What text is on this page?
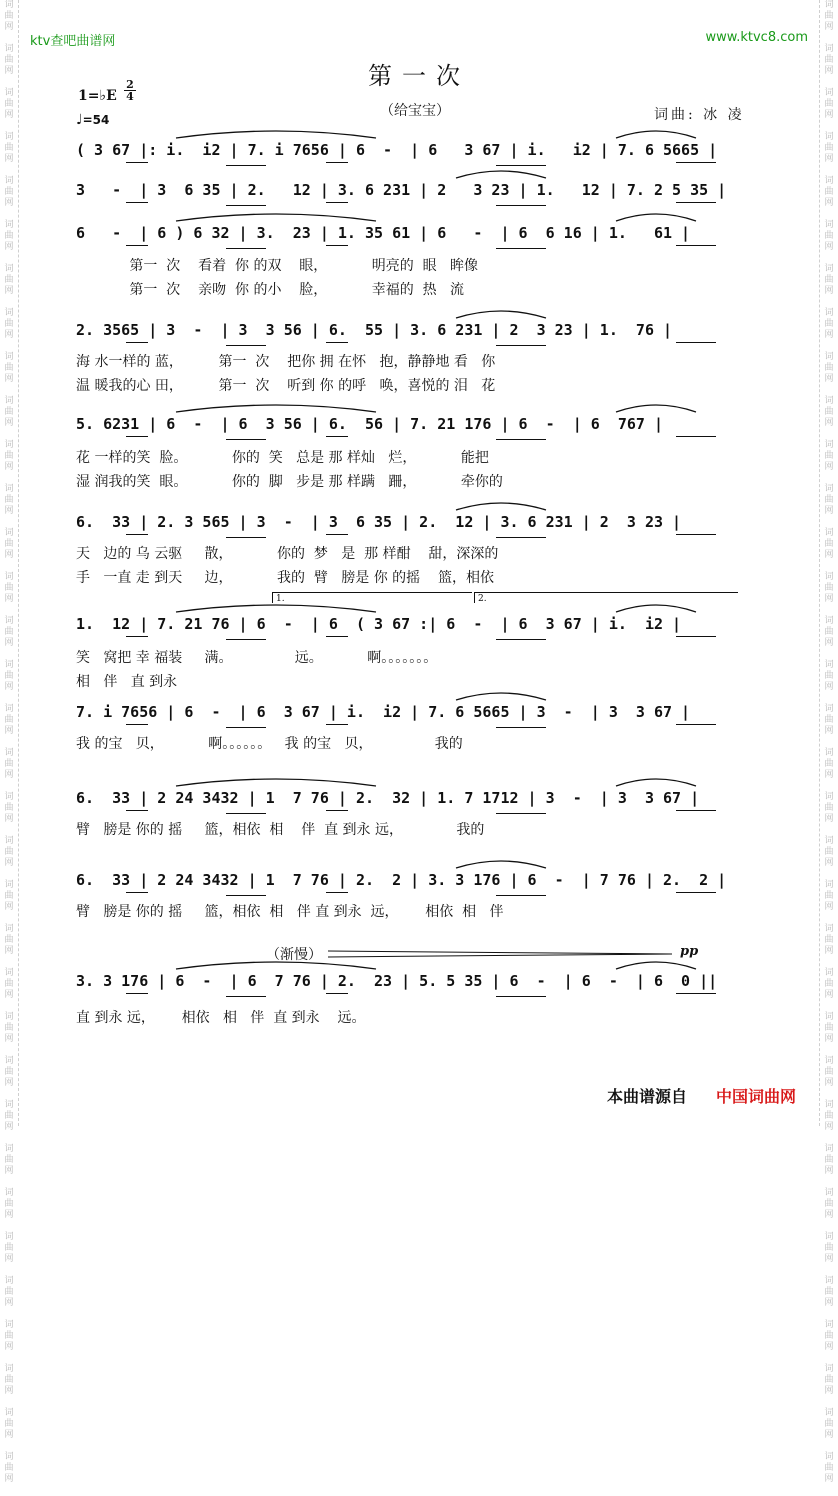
词
曲
网

词
曲
网

词
曲
网

词
曲
网

词
曲
网

词
曲
网

词
曲
网

词
曲
网

词
曲
网

词
曲
网

词
曲
网

词
曲
网

词
曲
网

词
曲
网

词
曲
网

词
曲
网

词
曲
网

词
曲
网

词
曲
网

词
曲
网

词
曲
网

词
曲
网

词
曲
网

词
曲
网

词
曲
网

词
曲
网

词
曲
网

词
曲
网

词
曲
网

词
曲
网

词
曲
网

词
曲
网

词
曲
网

词
曲
网

词
曲
网

词
曲
网

词
曲
网

词
曲
网

词
曲
网

词
曲
网

词
曲
网

词
曲
网

词
曲
网

词
曲
网

词
曲
网

词
曲
网

词
曲
网

词
曲
网

词
曲
网

词
曲
网

词
曲
网

词
曲
网

词
曲
网

词
曲
网

词
曲
网

词
曲
网

词
曲
网

词
曲
网

词
曲
网

词
曲
网

词
曲
网

词
曲
网

词
曲
网

词
曲
网

词
曲
网

词
曲
网

词
曲
网

词
曲
网

ktv查吧曲谱网	www.ktvc8.com
第一次
（给宝宝）	词曲: 冰 凌
1=♭E
2
4
♩=54
( 3 67 |: i.  i2 | 7. i 7656 | 6  -  | 6   3 67 | i.   i2 | 7. 6 5665 |
3   -  | 3  6 35 | 2.   12 | 3. 6 231 | 2   3 23 | 1.   12 | 7. 2 5 35 |
6   -  | 6 ) 6 32 | 3.  23 | 1. 35 61 | 6   -  | 6  6 16 | 1.   61 |
第一  次    看着  你 的双    眼，          明亮的  眼   眸像
第一  次    亲吻  你 的小    脸，          幸福的  热   流
2. 3565 | 3  -  | 3  3 56 | 6.  55 | 3. 6 231 | 2  3 23 | 1.  76 |
海 水一样的 蓝，        第一  次    把你 拥 在怀   抱，静静地 看   你
温 暖我的心 田，        第一  次    听到 你 的呼   唤，喜悦的 泪   花
5. 6231 | 6  -  | 6  3 56 | 6.  56 | 7. 21 176 | 6  -  | 6  767 |
花 一样的笑  脸。          你的  笑   总是 那 样灿   烂，          能把
湿 润我的笑  眼。          你的  脚   步是 那 样蹒   跚，          牵你的
6.  33 | 2. 3 565 | 3  -  | 3  6 35 | 2.  12 | 3. 6 231 | 2  3 23 |
天   边的 乌 云驱     散，          你的  梦   是  那 样酣    甜，深深的
手   一直 走 到天     边，          我的  臂   膀是 你 的摇    篮，相依
1.  12 | 7. 21 76 | 6  -  | 6  ( 3 67 :| 6  -  | 6  3 67 | i.  i2 |
笑   窝把 幸 福装     满。              远。          啊。。。。。。。
相   伴   直 到永
7. i 7656 | 6  -  | 6  3 67 | i.  i2 | 7. 6 5665 | 3  -  | 3  3 67 |
我 的宝   贝，          啊。。。。。。   我 的宝   贝，              我的
6.  33 | 2 24 3432 | 1  7 76 | 2.  32 | 1. 7 1712 | 3  -  | 3  3 67 |
臂   膀是 你的 摇     篮，相依  相    伴  直 到永 远，            我的
6.  33 | 2 24 3432 | 1  7 76 | 2.  2 | 3. 3 176 | 6  -  | 7 76 | 2.  2 |
臂   膀是 你的 摇     篮，相依  相   伴 直 到永  远，      相依  相   伴
3. 3 176 | 6  -  | 6  7 76 | 2.  23 | 5. 5 35 | 6  -  | 6  -  | 6  0 ||
直 到永 远，      相依   相   伴  直 到永    远。
1.	2.
（渐慢）	pp
本曲谱源自 中国词曲网
